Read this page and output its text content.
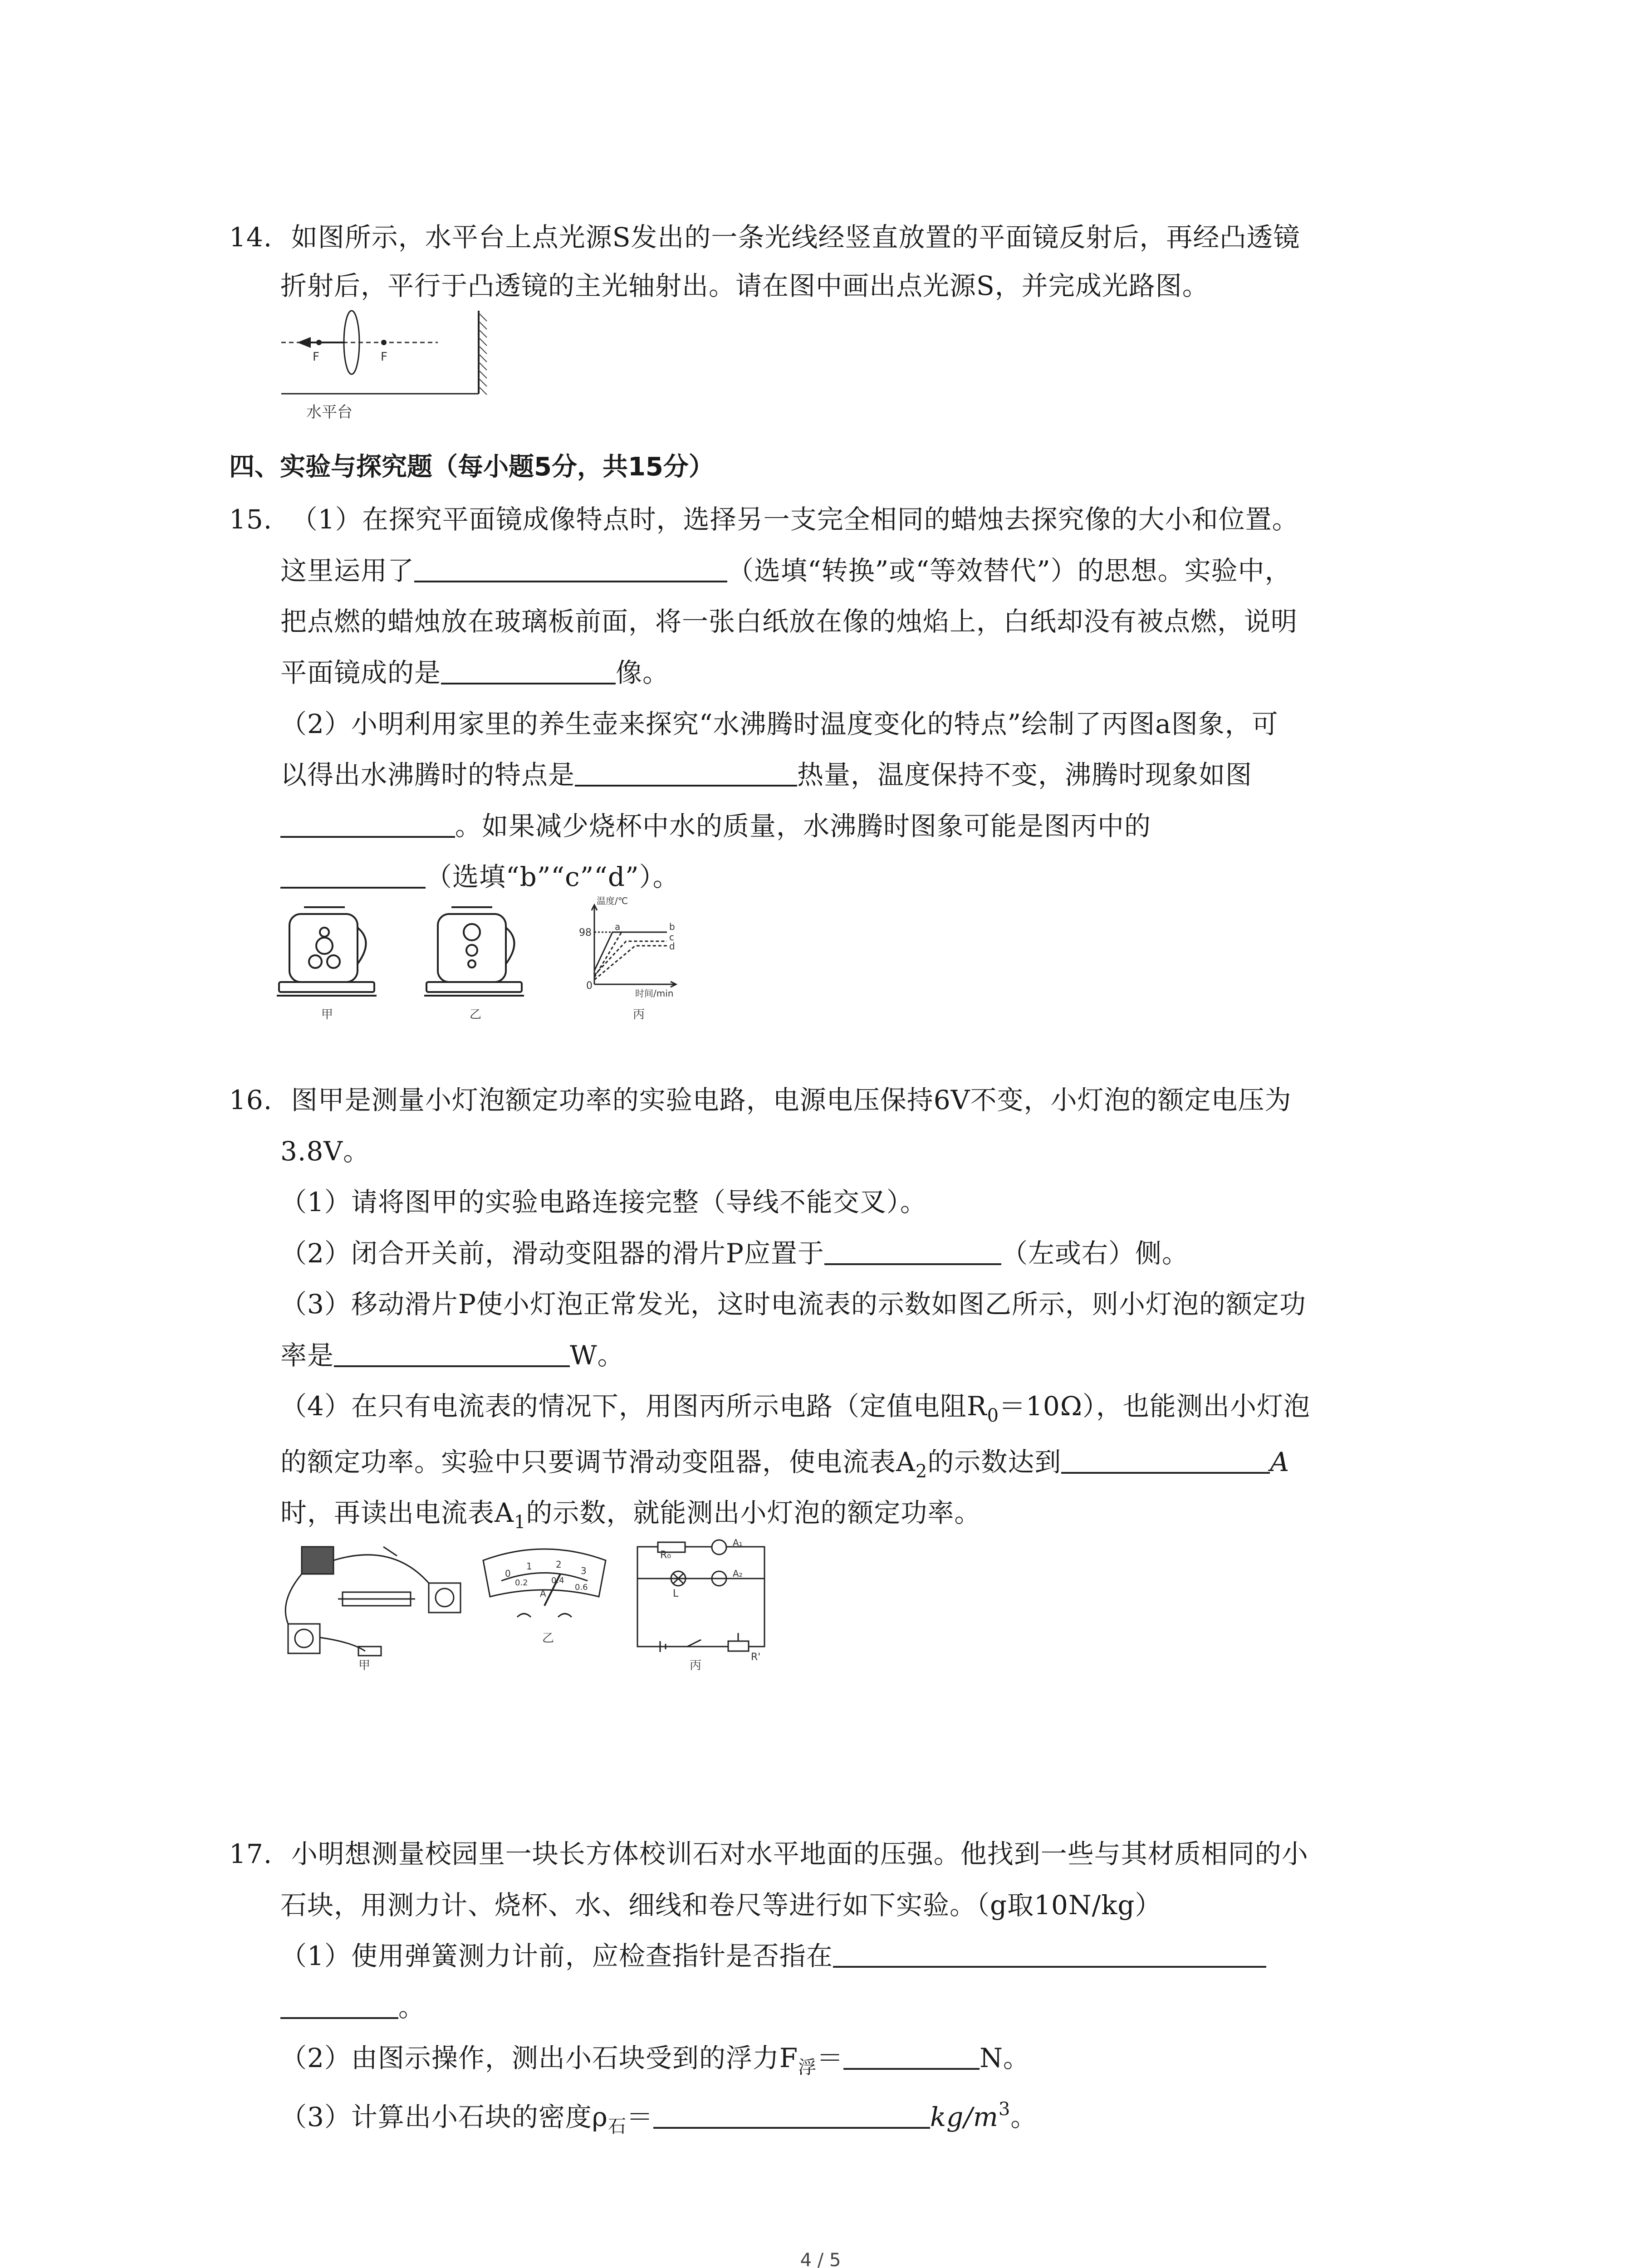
14. 如图所示，水平台上点光源S发出的一条光线经竖直放置的平面镜反射后，再经凸透镜
折射后，平行于凸透镜的主光轴射出。请在图中画出点光源S，并完成光路图。
F	F
水平台
四、实验与探究题（每小题5分，共15分）
15. （1）在探究平面镜成像特点时，选择另一支完全相同的蜡烛去探究像的大小和位置。
这里运用了	（选填“转换”或“等效替代”）的思想。实验中，
把点燃的蜡烛放在玻璃板前面，将一张白纸放在像的烛焰上，白纸却没有被点燃，说明
平面镜成的是	像。
（2）小明利用家里的养生壶来探究“水沸腾时温度变化的特点”绘制了丙图a图象，可
以得出水沸腾时的特点是	热量，温度保持不变，沸腾时现象如图
。如果减少烧杯中水的质量，水沸腾时图象可能是图丙中的
（选填“b”“c”“d”）。
甲	乙
温度/℃
98
0
b
c
d
a
时间/min
丙
16. 图甲是测量小灯泡额定功率的实验电路，电源电压保持6V不变，小灯泡的额定电压为
3.8V。
（1）请将图甲的实验电路连接完整（导线不能交叉）。
（2）闭合开关前，滑动变阻器的滑片P应置于	（左或右）侧。
（3）移动滑片P使小灯泡正常发光，这时电流表的示数如图乙所示，则小灯泡的额定功
率是	W。
（4）在只有电流表的情况下，用图丙所示电路（定值电阻$R_0=10\Omega$），也能测出小灯泡
的额定功率。实验中只要调节滑动变阻器，使电流表$A_2$的示数达到	A
时，再读出电流表$A_1$的示数，就能测出小灯泡的额定功率。
甲
0
1	2
3
0.2	0.4
0.6
A
乙
R₀
A₁
A₂
L
R'
丙
17. 小明想测量校园里一块长方体校训石对水平地面的压强。他找到一些与其材质相同的小
石块，用测力计、烧杯、水、细线和卷尺等进行如下实验。（g取10N/kg）
（1）使用弹簧测力计前，应检查指针是否指在
。
（2）由图示操作，测出小石块受到的浮力$F_浮=$	N。
（3）计算出小石块的密度$\rho_石=$	$kg/m^3$。
4 / 5
